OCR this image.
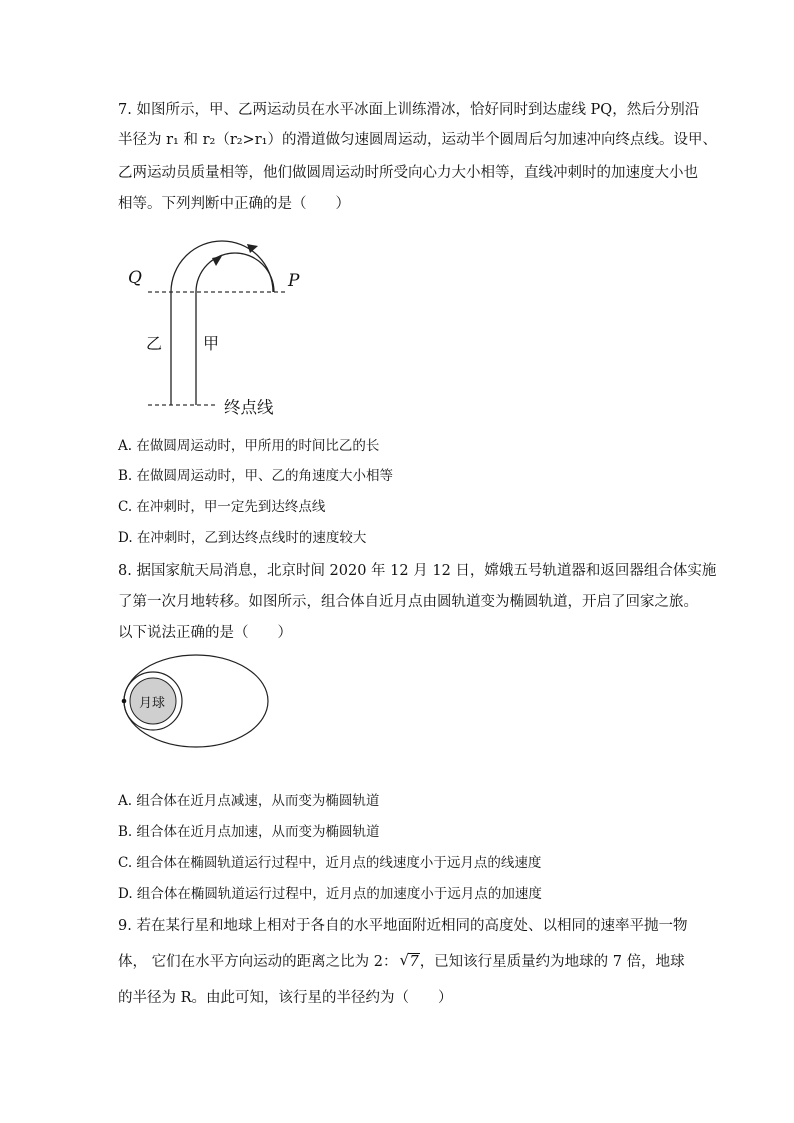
7. 如图所示，甲、乙两运动员在水平冰面上训练滑冰，恰好同时到达虚线 PQ，然后分别沿
半径为 r₁ 和 r₂（r₂>r₁）的滑道做匀速圆周运动，运动半个圆周后匀加速冲向终点线。设甲、
乙两运动员质量相等，他们做圆周运动时所受向心力大小相等，直线冲刺时的加速度大小也
相等。下列判断中正确的是（　　）
Q	P
乙	甲
终点线
A. 在做圆周运动时，甲所用的时间比乙的长
B. 在做圆周运动时，甲、乙的角速度大小相等
C. 在冲刺时，甲一定先到达终点线
D. 在冲刺时，乙到达终点线时的速度较大
8. 据国家航天局消息，北京时间 2020 年 12 月 12 日，嫦娥五号轨道器和返回器组合体实施
了第一次月地转移。如图所示，组合体自近月点由圆轨道变为椭圆轨道，开启了回家之旅。
以下说法正确的是（　　）
月球
A. 组合体在近月点减速，从而变为椭圆轨道
B. 组合体在近月点加速，从而变为椭圆轨道
C. 组合体在椭圆轨道运行过程中，近月点的线速度小于远月点的线速度
D. 组合体在椭圆轨道运行过程中，近月点的加速度小于远月点的加速度
9. 若在某行星和地球上相对于各自的水平地面附近相同的高度处、以相同的速率平抛一物
体， 它们在水平方向运动的距离之比为 2： √ 7，已知该行星质量约为地球的 7 倍，地球
的半径为 R。由此可知，该行星的半径约为（　　）
